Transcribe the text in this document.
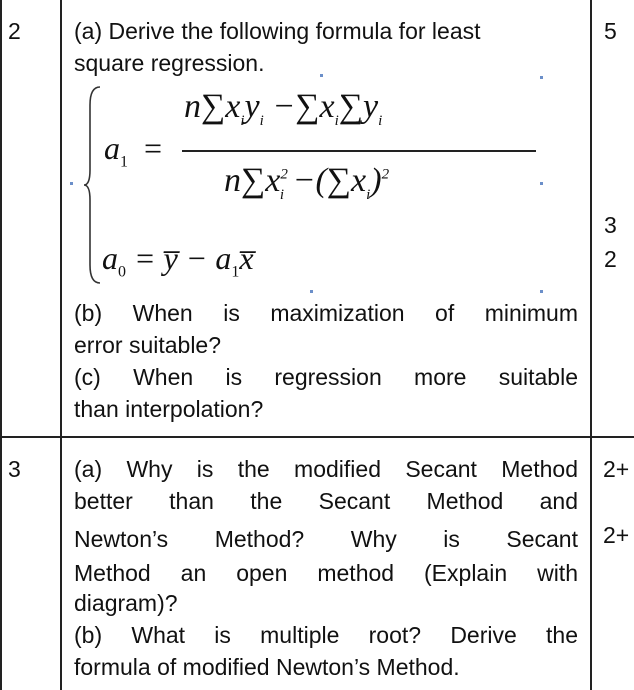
2 (a) Derive the following formula for least
square regression.
$a_1$  =
$n\sum x_iy_i -\sum x_i\sum y_i$
$n\sum x^2_i -(\sum x_i)^2$
$a_0$ = y̅ − $a_1x̅$
(b) When is maximization of minimum
error suitable?
(c) When is regression more suitable
than interpolation?
5
3
2
3 (a) Why is the modified Secant Method
better than the Secant Method and
Newton’s Method? Why is Secant
Method an open method (Explain with
diagram)?
(b) What is multiple root? Derive the
formula of modified Newton’s Method.
2+
2+
